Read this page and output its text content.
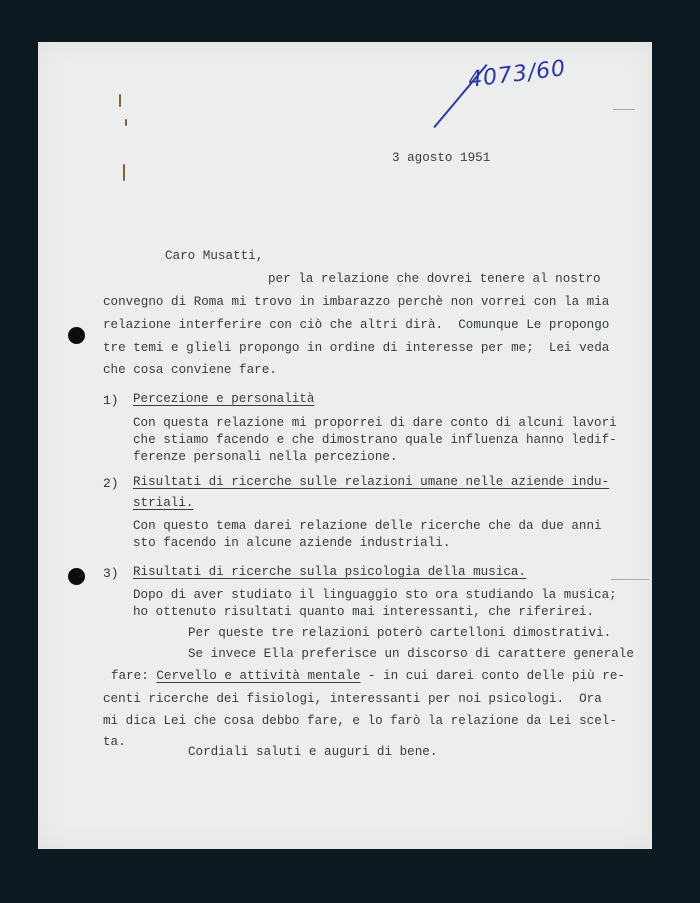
4073/60
3 agosto 1951
Caro Musatti,
per la relazione che dovrei tenere al nostro
convegno di Roma mi trovo in imbarazzo perchè non vorrei con la mia
relazione interferire con ciò che altri dirà.  Comunque Le propongo
tre temi e glieli propongo in ordine di interesse per me;  Lei veda
che cosa conviene fare.
1) Percezione e personalità
Con questa relazione mi proporrei di dare conto di alcuni lavori
che stiamo facendo e che dimostrano quale influenza hanno ledif-
ferenze personali nella percezione.
2) Risultati di ricerche sulle relazioni umane nelle aziende indu-
striali.
Con questo tema darei relazione delle ricerche che da due anni
sto facendo in alcune aziende industriali.
3) Risultati di ricerche sulla psicologia della musica.
Dopo di aver studiato il linguaggio sto ora studiando la musica;
ho ottenuto risultati quanto mai interessanti, che riferirei.
Per queste tre relazioni poterò cartelloni dimostrativi.
Se invece Ella preferisce un discorso di carattere generale
fare: Cervello e attività mentale - in cui darei conto delle più re-
centi ricerche dei fisiologi, interessanti per noi psicologi.  Ora
mi dica Lei che cosa debbo fare, e lo farò la relazione da Lei scel-
ta.
Cordiali saluti e auguri di bene.
